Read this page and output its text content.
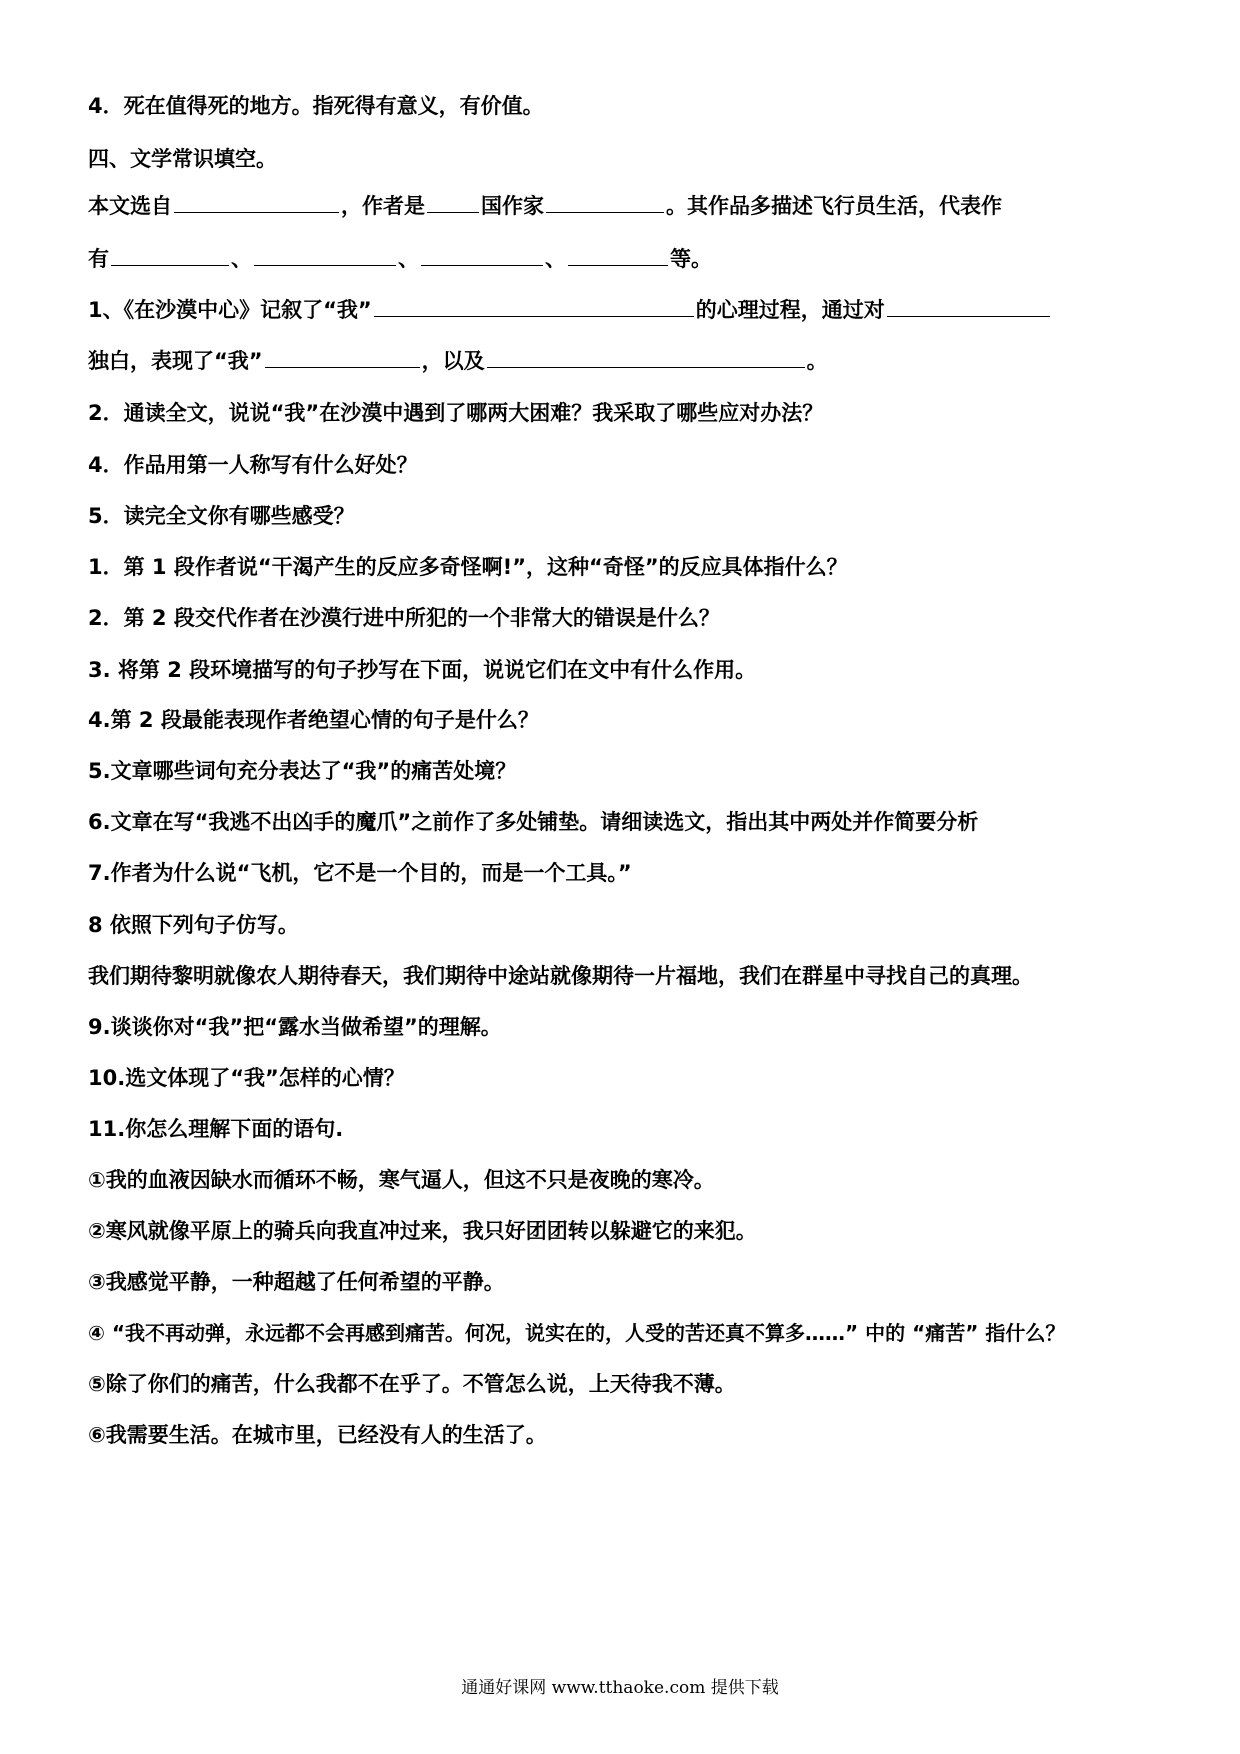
4．死在值得死的地方。指死得有意义，有价值。
四、文学常识填空。
本文选自	，作者是	国作家	。其作品多描述飞行员生活，代表作
有	、	、	、	等。
1、《在沙漠中心》记叙了“我”	的心理过程，通过对
独白，表现了“我”	，以及	。
2．通读全文，说说“我”在沙漠中遇到了哪两大困难？我采取了哪些应对办法？
4．作品用第一人称写有什么好处？
5．读完全文你有哪些感受？
1．第 1 段作者说“干渴产生的反应多奇怪啊!”，这种“奇怪”的反应具体指什么？
2．第 2 段交代作者在沙漠行进中所犯的一个非常大的错误是什么？
3. 将第 2 段环境描写的句子抄写在下面，说说它们在文中有什么作用。
4.第 2 段最能表现作者绝望心情的句子是什么？
5.文章哪些词句充分表达了“我”的痛苦处境？
6.文章在写“我逃不出凶手的魔爪”之前作了多处铺垫。请细读选文，指出其中两处并作简要分析
7.作者为什么说“飞机，它不是一个目的，而是一个工具。”
8 依照下列句子仿写。
我们期待黎明就像农人期待春天，我们期待中途站就像期待一片福地，我们在群星中寻找自己的真理。
9.谈谈你对“我”把“露水当做希望”的理解。
10.选文体现了“我”怎样的心情？
11.你怎么理解下面的语句.
①我的血液因缺水而循环不畅，寒气逼人，但这不只是夜晚的寒冷。
②寒风就像平原上的骑兵向我直冲过来，我只好团团转以躲避它的来犯。
③我感觉平静，一种超越了任何希望的平静。
④ “我不再动弹，永远都不会再感到痛苦。何况，说实在的，人受的苦还真不算多……” 中的 “痛苦” 指什么？
⑤除了你们的痛苦，什么我都不在乎了。不管怎么说，上天待我不薄。
⑥我需要生活。在城市里，已经没有人的生活了。
通通好课网 www.tthaoke.com 提供下载
